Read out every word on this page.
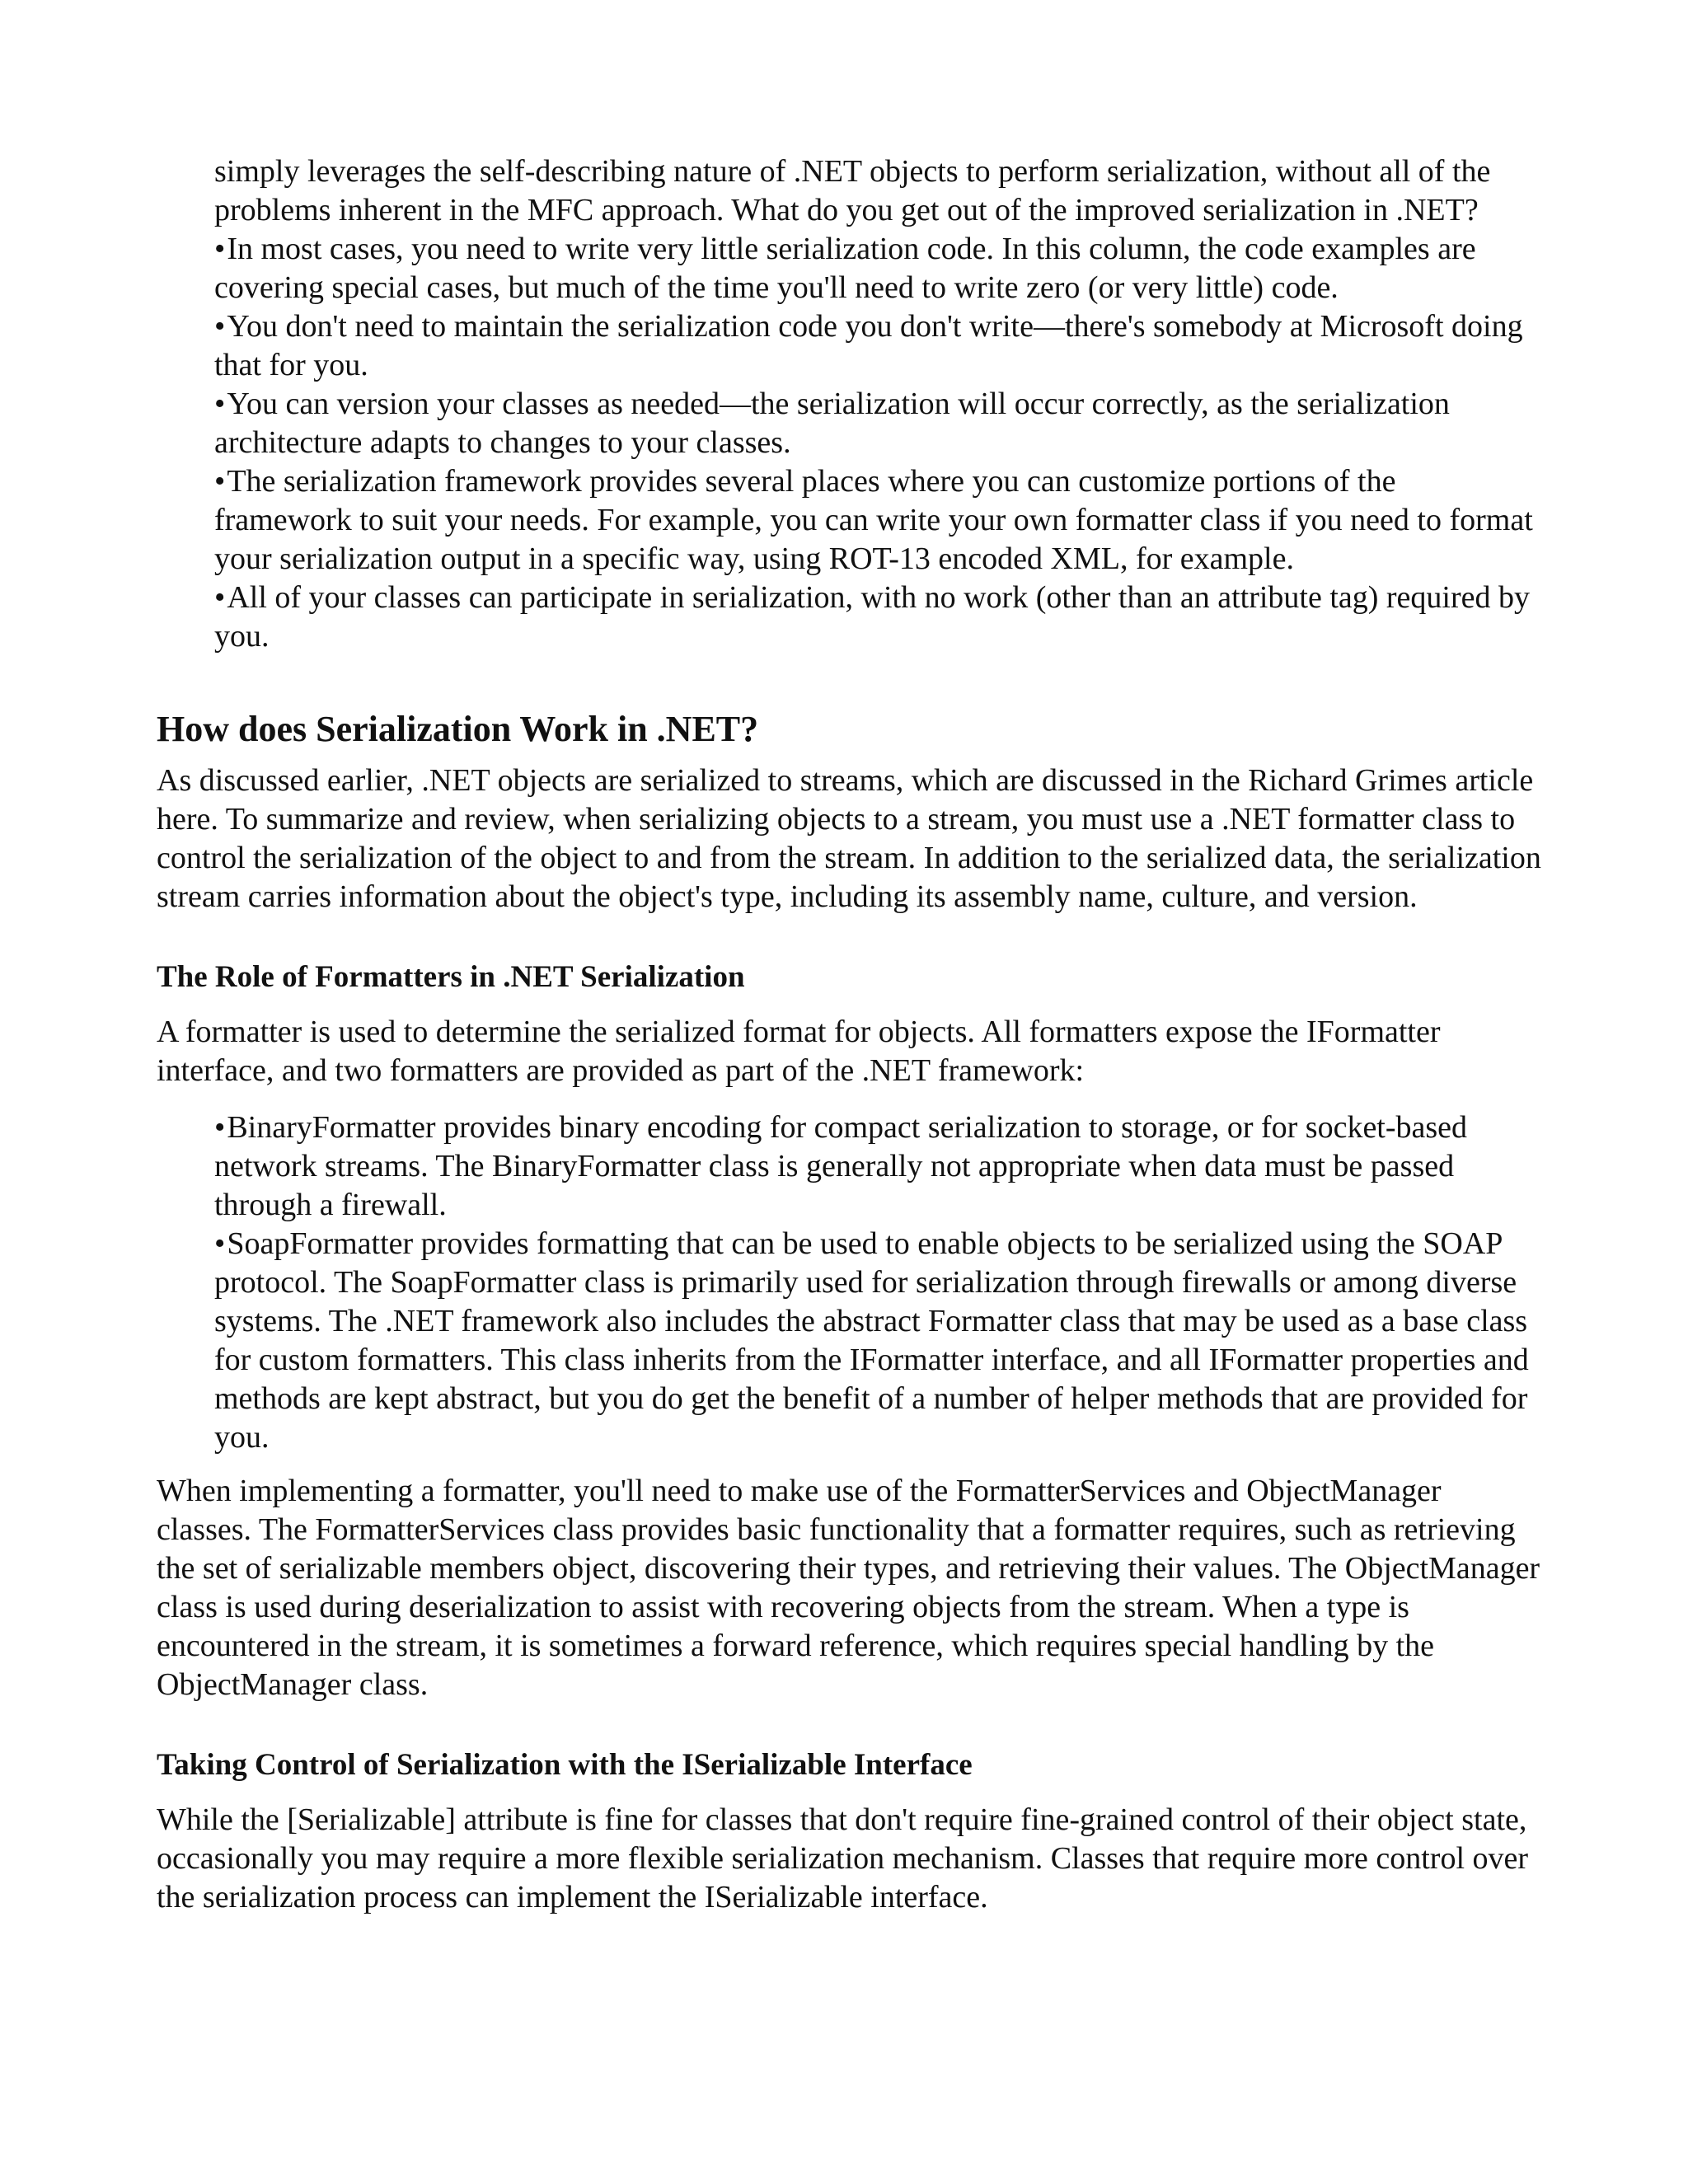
simply leverages the self-describing nature of .NET objects to perform serialization, without all of the problems inherent in the MFC approach. What do you get out of the improved serialization in .NET?

•In most cases, you need to write very little serialization code. In this column, the code examples are covering special cases, but much of the time you'll need to write zero (or very little) code.
•You don't need to maintain the serialization code you don't write—there's somebody at Microsoft doing that for you.
•You can version your classes as needed—the serialization will occur correctly, as the serialization architecture adapts to changes to your classes.
•The serialization framework provides several places where you can customize portions of the framework to suit your needs. For example, you can write your own formatter class if you need to format your serialization output in a specific way, using ROT-13 encoded XML, for example.
•All of your classes can participate in serialization, with no work (other than an attribute tag) required by you.
How does Serialization Work in .NET?

As discussed earlier, .NET objects are serialized to streams, which are discussed in the Richard Grimes article here. To summarize and review, when serializing objects to a stream, you must use a .NET formatter class to control the serialization of the object to and from the stream. In addition to the serialized data, the serialization stream carries information about the object's type, including its assembly name, culture, and version.

The Role of Formatters in .NET Serialization

A formatter is used to determine the serialized format for objects. All formatters expose the IFormatter interface, and two formatters are provided as part of the .NET framework:

•BinaryFormatter provides binary encoding for compact serialization to storage, or for socket-based network streams. The BinaryFormatter class is generally not appropriate when data must be passed through a firewall.
•SoapFormatter provides formatting that can be used to enable objects to be serialized using the SOAP protocol. The SoapFormatter class is primarily used for serialization through firewalls or among diverse systems. The .NET framework also includes the abstract Formatter class that may be used as a base class for custom formatters. This class inherits from the IFormatter interface, and all IFormatter properties and methods are kept abstract, but you do get the benefit of a number of helper methods that are provided for you.

When implementing a formatter, you'll need to make use of the FormatterServices and ObjectManager classes. The FormatterServices class provides basic functionality that a formatter requires, such as retrieving the set of serializable members object, discovering their types, and retrieving their values. The ObjectManager class is used during deserialization to assist with recovering objects from the stream. When a type is encountered in the stream, it is sometimes a forward reference, which requires special handling by the ObjectManager class.

Taking Control of Serialization with the ISerializable Interface

While the [Serializable] attribute is fine for classes that don't require fine-grained control of their object state, occasionally you may require a more flexible serialization mechanism. Classes that require more control over the serialization process can implement the ISerializable interface.
